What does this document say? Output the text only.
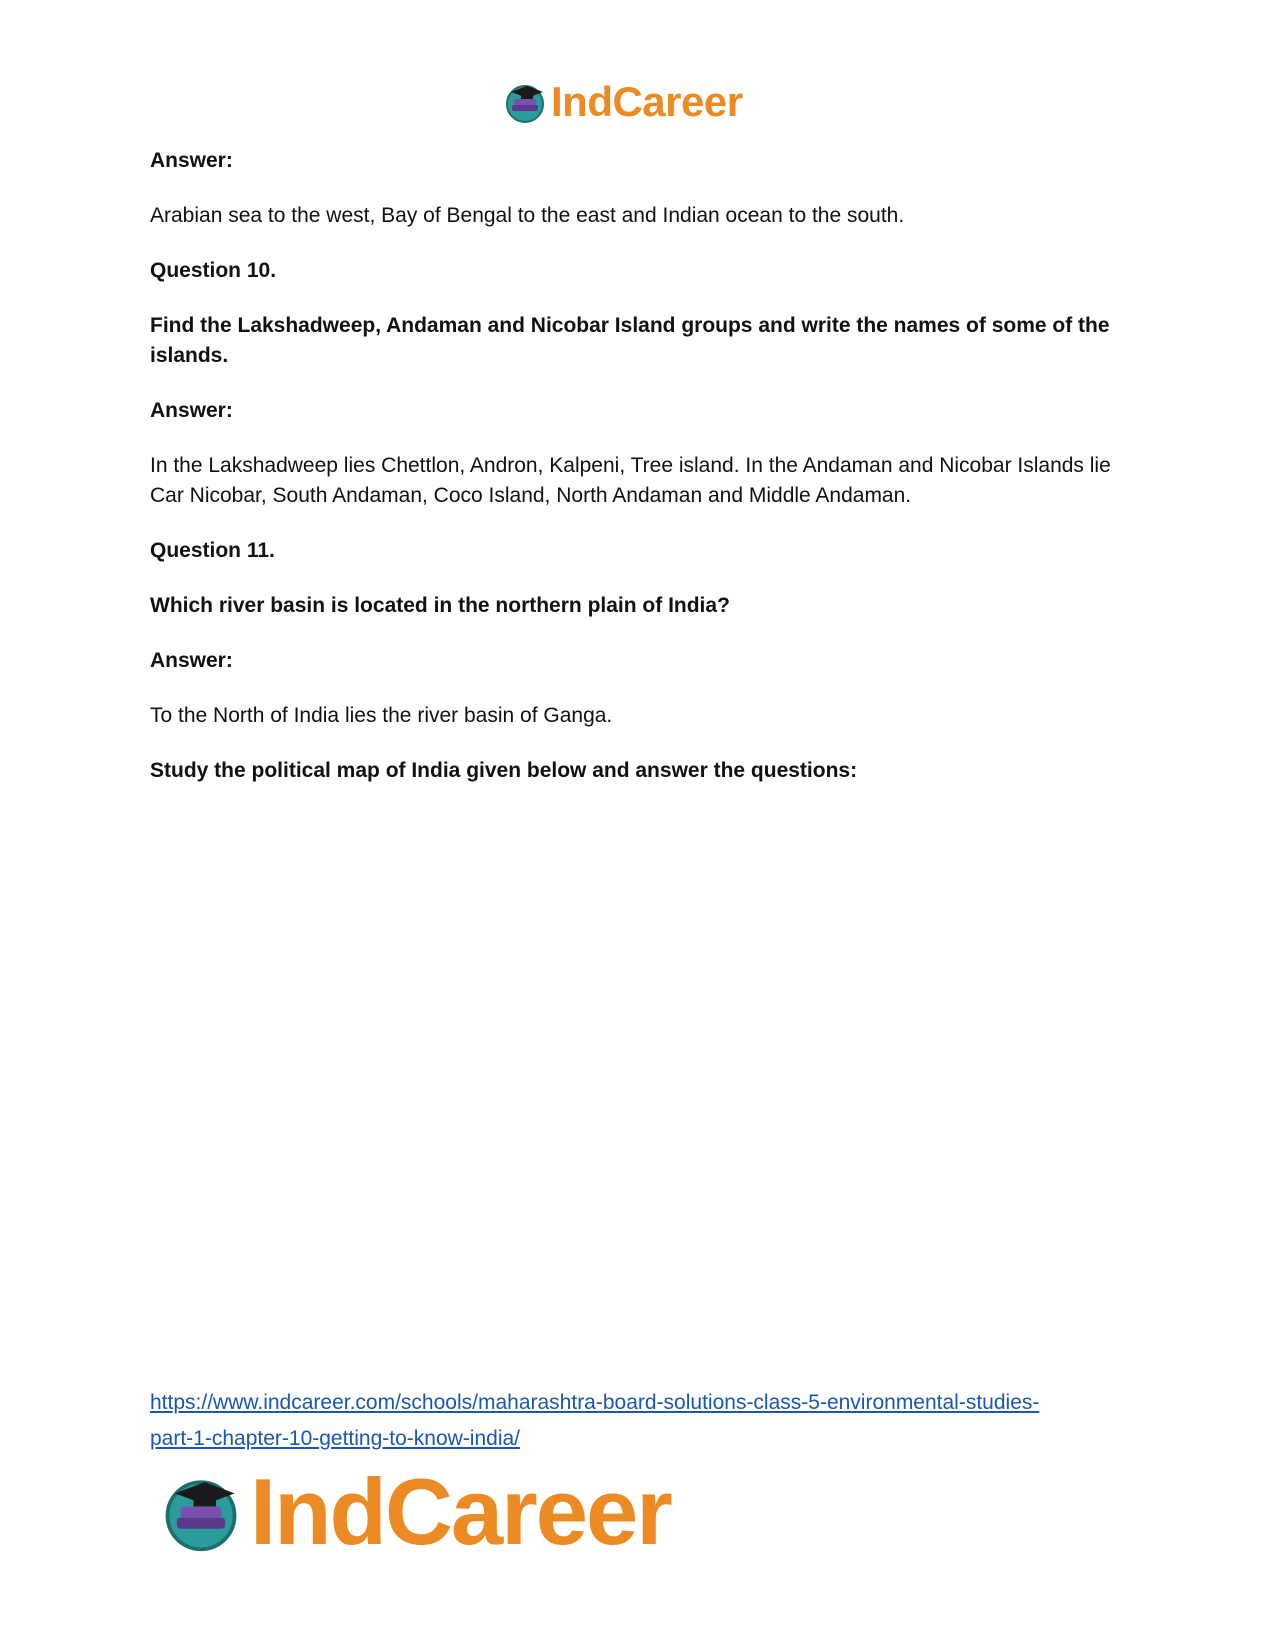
IndCareer

Answer:

Arabian sea to the west, Bay of Bengal to the east and Indian ocean to the south.

Question 10.

Find the Lakshadweep, Andaman and Nicobar Island groups and write the names of some of the islands.

Answer:

In the Lakshadweep lies Chettlon, Andron, Kalpeni, Tree island. In the Andaman and Nicobar Islands lie Car Nicobar, South Andaman, Coco Island, North Andaman and Middle Andaman.

Question 11.

Which river basin is located in the northern plain of India?

Answer:

To the North of India lies the river basin of Ganga.

Study the political map of India given below and answer the questions:

https://www.indcareer.com/schools/maharashtra-board-solutions-class-5-environmental-studies-
part-1-chapter-10-getting-to-know-india/
IndCareer
